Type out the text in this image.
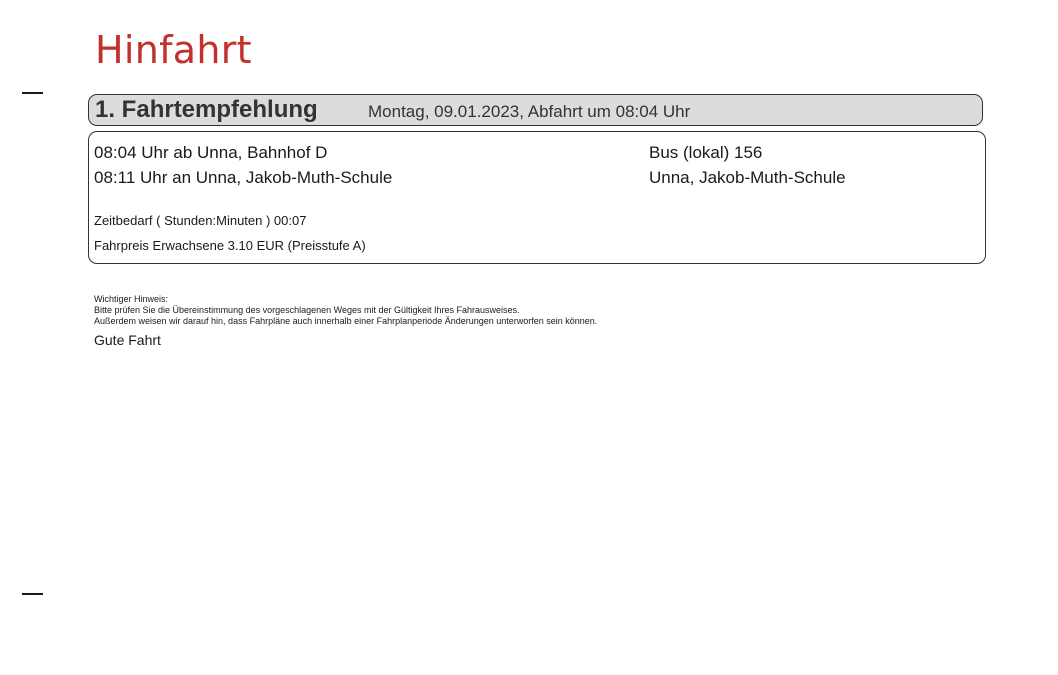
Hinfahrt
1. Fahrtempfehlung	Montag, 09.01.2023, Abfahrt um 08:04 Uhr
08:04 Uhr ab Unna, Bahnhof D
08:11 Uhr an Unna, Jakob-Muth-Schule
Bus (lokal) 156
Unna, Jakob-Muth-Schule
Zeitbedarf ( Stunden:Minuten ) 00:07
Fahrpreis Erwachsene 3.10 EUR (Preisstufe A)
Wichtiger Hinweis:
Bitte prüfen Sie die Übereinstimmung des vorgeschlagenen Weges mit der Gültigkeit Ihres Fahrausweises.
Außerdem weisen wir darauf hin, dass Fahrpläne auch innerhalb einer Fahrplanperiode Änderungen unterworfen sein können.
Gute Fahrt
